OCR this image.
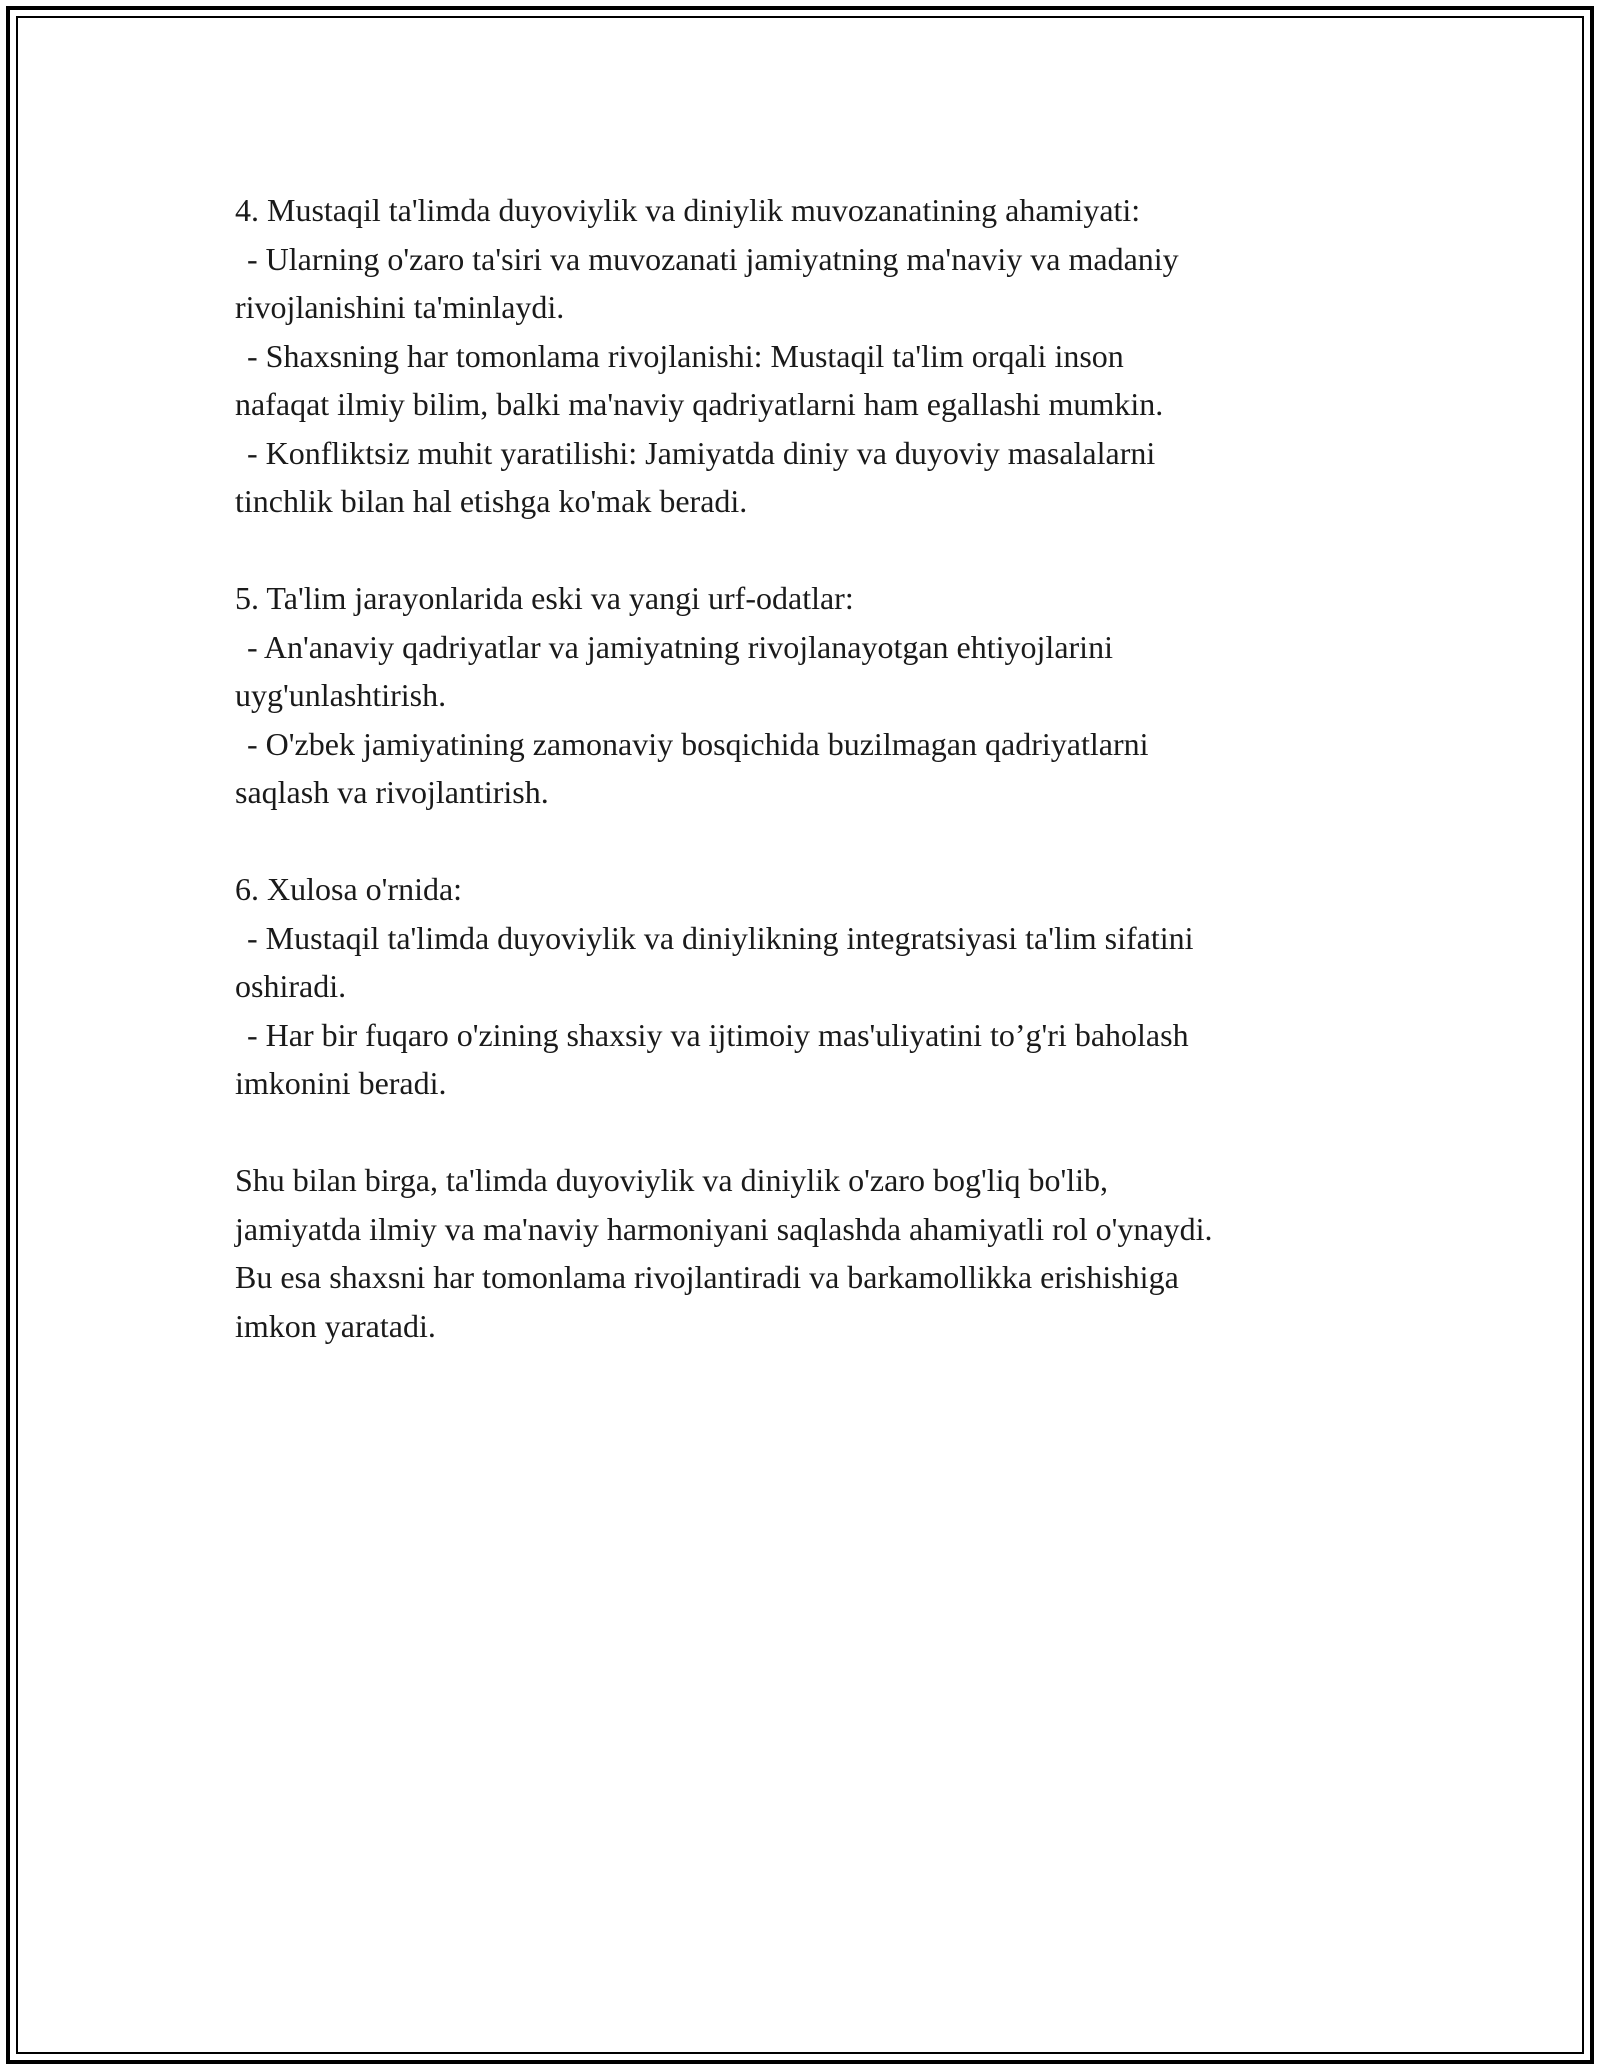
4. Mustaqil ta'limda duyoviylik va diniylik muvozanatining ahamiyati:

- Ularning o'zaro ta'siri va muvozanati jamiyatning ma'naviy va madaniy
rivojlanishini ta'minlaydi.

- Shaxsning har tomonlama rivojlanishi: Mustaqil ta'lim orqali inson
nafaqat ilmiy bilim, balki ma'naviy qadriyatlarni ham egallashi mumkin.

- Konfliktsiz muhit yaratilishi: Jamiyatda diniy va duyoviy masalalarni
tinchlik bilan hal etishga ko'mak beradi.

5. Ta'lim jarayonlarida eski va yangi urf-odatlar:

- An'anaviy qadriyatlar va jamiyatning rivojlanayotgan ehtiyojlarini
uyg'unlashtirish.

- O'zbek jamiyatining zamonaviy bosqichida buzilmagan qadriyatlarni
saqlash va rivojlantirish.

6. Xulosa o'rnida:

- Mustaqil ta'limda duyoviylik va diniylikning integratsiyasi ta'lim sifatini
oshiradi.

- Har bir fuqaro o'zining shaxsiy va ijtimoiy mas'uliyatini to’g'ri baholash
imkonini beradi.

Shu bilan birga, ta'limda duyoviylik va diniylik o'zaro bog'liq bo'lib,

jamiyatda ilmiy va ma'naviy harmoniyani saqlashda ahamiyatli rol o'ynaydi.

Bu esa shaxsni har tomonlama rivojlantiradi va barkamollikka erishishiga

imkon yaratadi.
